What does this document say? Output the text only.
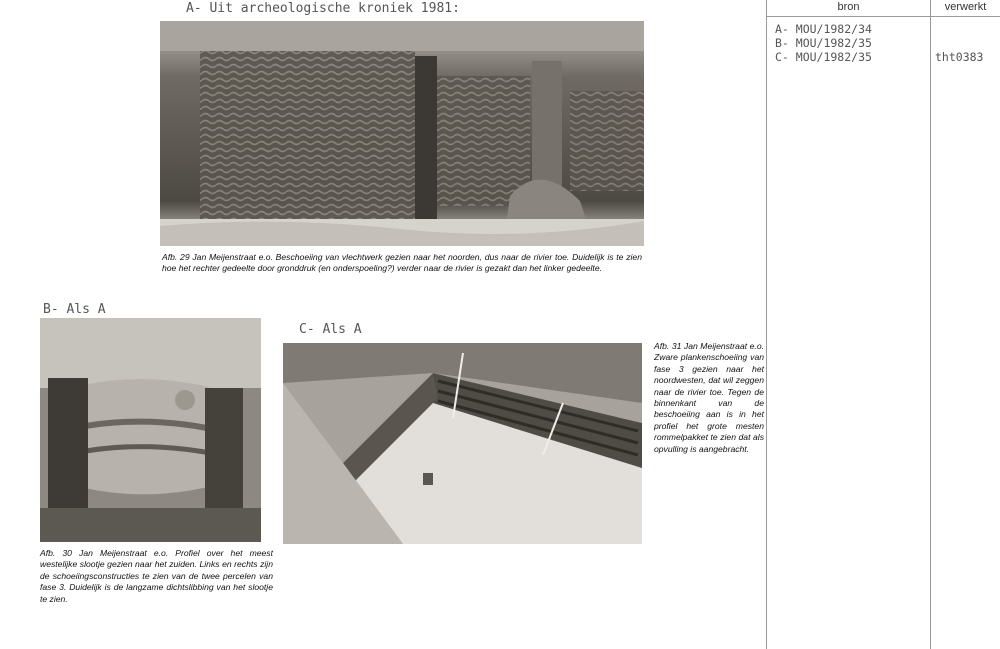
A- Uit archeologische kroniek 1981:
Afb. 29 Jan Meijenstraat e.o. Beschoeiing van vlechtwerk gezien naar het noorden, dus naar de rivier toe. Duidelijk is te zien hoe het rechter gedeelte door gronddruk (en onderspoeling?) verder naar de rivier is gezakt dan het linker gedeelte.
B- Als A
Afb. 30 Jan Meijenstraat e.o. Profiel over het meest westelijke slootje gezien naar het zuiden. Links en rechts zijn de schoeiingsconstructies te zien van de twee percelen van fase 3. Duidelijk is de langzame dichtslibbing van het slootje te zien.
C- Als A
Afb. 31 Jan Meijenstraat e.o. Zware plankenschoeiing van fase 3 gezien naar het noordwesten, dat wil zeggen naar de rivier toe. Tegen de binnenkant van de beschoeiing aan is in het profiel het grote mesten rommelpakket te zien dat als opvulling is aangebracht.
bron	verwerkt
A- MOU/1982/34
B- MOU/1982/35
C- MOU/1982/35	tht0383
